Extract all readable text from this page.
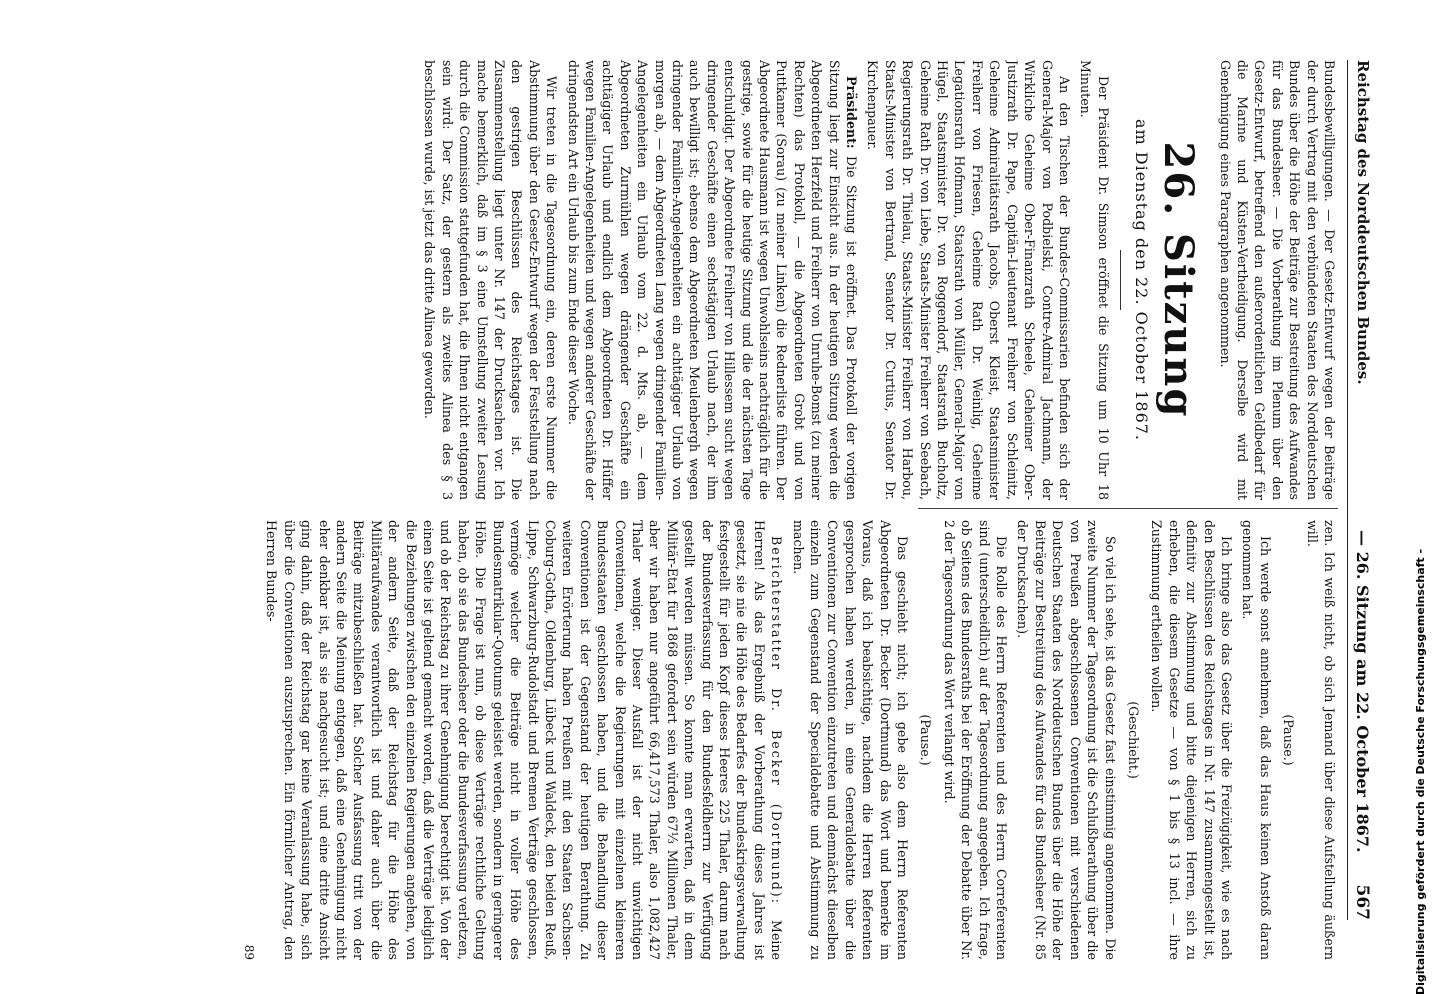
Reichstag des Norddeutschen Bundes.
— 26. Sitzung am 22. October 1867.
567

Bundesbewilligungen. — Der Gesetz-Entwurf wegen der Beiträge der durch Vertrag mit den verbündeten Staaten des Norddeutschen Bundes über die Höhe der Beiträge zur Bestreitung des Aufwandes für das Bundesheer. — Die Vorberathung im Plenum über den Gesetz-Entwurf, betreffend den außerordentlichen Geldbedarf für die Marine und Küsten-Vertheidigung. Derselbe wird mit Genehmigung eines Paragraphen angenommen.

26. Sitzung
am Dienstag den 22. October 1867.

Der Präsident Dr. Simson eröffnet die Sitzung um 10 Uhr 18 Minuten.

An den Tischen der Bundes-Commissarien befinden sich der General-Major von Podbielski, Contre-Admiral Jachmann, der Wirkliche Geheime Ober-Finanzrath Scheele, Geheimer Ober-Justizrath Dr. Pape, Capitän-Lieutenant Freiherr von Schleinitz, Geheime Admiralitätsrath Jacobs, Oberst Kleist, Staatsminister Freiherr von Friesen, Geheime Rath Dr. Weinlig, Geheime Legationsrath Hofmann, Staatsrath von Müller, General-Major von Hügel, Staatsminister Dr. von Roggendorf, Staatsrath Bucholtz, Geheime Rath Dr. von Liebe, Staats-Minister Freiherr von Seebach, Regierungsrath Dr. Thielau, Staats-Minister Freiherr von Harbou, Staats-Minister von Bertrand, Senator Dr. Curtius, Senator Dr. Kirchenpauer.

Präsident: Die Sitzung ist eröffnet. Das Protokoll der vorigen Sitzung liegt zur Einsicht aus. In der heutigen Sitzung werden die Abgeordneten Herzfeld und Freiherr von Unruhe-Bomst (zu meiner Rechten) das Protokoll, — die Abgeordneten Grobt und von Puttkamer (Sorau) (zu meiner Linken) die Rednerliste führen. Der Abgeordnete Hausmann ist wegen Unwohlseins nachträglich für die gestrige, sowie für die heutige Sitzung und die der nächsten Tage entschuldigt. Der Abgeordnete Freiherr von Hillessem sucht wegen dringender Geschäfte einen sechstägigen Urlaub nach, der ihm auch bewilligt ist; ebenso dem Abgeordneten Meulenbergh wegen dringender Familien-Angelegenheiten ein achttägiger Urlaub von morgen ab, — dem Abgeordneten Lang wegen dringender Familien-Angelegenheiten ein Urlaub vom 22. d. Mts. ab, — dem Abgeordneten Zurmühlen wegen drängender Geschäfte ein achttägiger Urlaub und endlich dem Abgeordneten Dr. Hüffer wegen Familien-Angelegenheiten und wegen anderer Geschäfte der dringendsten Art ein Urlaub bis zum Ende dieser Woche.

Wir treten in die Tagesordnung ein, deren erste Nummer die Abstimmung über den Gesetz-Entwurf wegen der Feststellung nach den gestrigen Beschlüssen des Reichstages ist. Die Zusammenstellung liegt unter Nr. 147 der Drucksachen vor. Ich mache bemerklich, daß im § 3 eine Umstellung zweiter Lesung durch die Commission stattgefunden hat, die Ihnen nicht entgangen sein wird: Der Satz, der gestern als zweites Alinea des § 3 beschlossen wurde, ist jetzt das dritte Alinea geworden.

zen. Ich weiß nicht, ob sich Jemand über diese Aufstellung äußern will.

(Pause.)

Ich werde sonst annehmen, daß das Haus keinen Anstoß daran genommen hat.

Ich bringe also das Gesetz über die Freizügigkeit, wie es nach den Beschlüssen des Reichstages in Nr. 147 zusammengestellt ist, definitiv zur Abstimmung und bitte diejenigen Herren, sich zu erheben, die diesem Gesetze — von § 1 bis § 13 incl. — ihre Zustimmung ertheilen wollen.

(Geschieht.)

So viel ich sehe, ist das Gesetz fast einstimmig angenommen. Die zweite Nummer der Tagesordnung ist die Schlußberathung über die von Preußen abgeschlossenen Conventionen mit verschiedenen Deutschen Staaten des Norddeutschen Bundes über die Höhe der Beiträge zur Bestreitung des Aufwandes für das Bundesheer (Nr. 85 der Drucksachen).

Die Rolle des Herrn Referenten und des Herrn Correferenten sind (unterscheidlich) auf der Tagesordnung angegeben. Ich frage, ob Seitens des Bundesraths bei der Eröffnung der Debatte über Nr. 2 der Tagesordnung das Wort verlangt wird.

(Pause.)

Das geschieht nicht; ich gebe also dem Herrn Referenten Abgeordneten Dr. Becker (Dortmund) das Wort und bemerke im Voraus, daß ich beabsichtige, nachdem die Herren Referenten gesprochen haben werden, in eine Generaldebatte über die Conventionen zur Convention einzutreten und demnächst dieselben einzeln zum Gegenstand der Specialdebatte und Abstimmung zu machen.

Berichterstatter Dr. Becker (Dortmund): Meine Herren! Als das Ergebniß der Vorberathung dieses Jahres ist gesetzt, sie nie die Höhe des Bedarfes der Bundeskriegsverwaltung festgestellt für jeden Kopf dieses Heeres 225 Thaler, darum nach der Bundesverfassung für den Bundesfeldherrn zur Verfügung gestellt werden müssen. So konnte man erwarten, daß in dem Militär-Etat für 1868 gefordert sein würden 67⅓ Millionen Thaler, aber wir haben nur angeführt 66,417,573 Thaler, also 1,082,427 Thaler weniger. Dieser Ausfall ist der nicht unwichtigen Conventionen, welche die Regierungen mit einzelnen kleineren Bundesstaaten geschlossen haben, und die Behandlung dieser Conventionen ist der Gegenstand der heutigen Berathung. Zu weiteren Erörterung haben Preußen mit den Staaten Sachsen-Coburg-Gotha, Oldenburg, Lübeck und Waldeck, den beiden Reuß, Lippe, Schwarzburg-Rudolstadt und Bremen Verträge geschlossen, vermöge welcher die Beiträge nicht in voller Höhe des Bundesmatrikular-Quotums geleistet werden, sondern in geringerer Höhe. Die Frage ist nun, ob diese Verträge rechtliche Geltung haben, ob sie das Bundesheer oder die Bundesverfassung verletzen, und ob der Reichstag zu ihrer Genehmigung berechtigt ist. Von der einen Seite ist geltend gemacht worden, daß die Verträge lediglich die Beziehungen zwischen den einzelnen Regierungen angehen, von der andern Seite, daß der Reichstag für die Höhe des Militäraufwandes verantwortlich ist und daher auch über die Beiträge mitzubeschließen hat. Solcher Ausfassung tritt von der andern Seite die Meinung entgegen, daß eine Genehmigung nicht eher denkbar ist, als sie nachgesucht ist; und eine dritte Ansicht ging dahin, daß der Reichstag gar keine Veranlassung habe, sich über die Conventionen auszusprechen. Ein förmlicher Antrag, den Herren Bundes-

89	Digitalisierung gefördert durch die Deutsche Forschungsgemeinschaft -
